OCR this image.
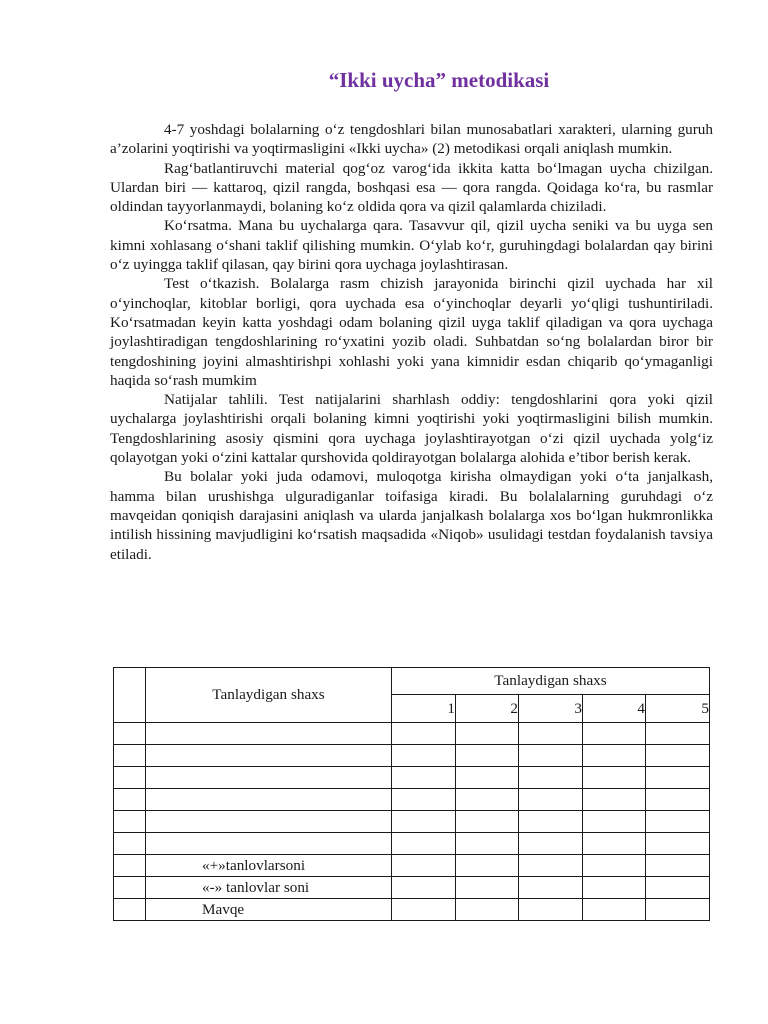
“Ikki uycha” metodikasi

4-7 yoshdagi bolalarning o‘z tengdoshlari bilan munosabatlari xarakteri, ularning guruh a’zolarini yoqtirishi va yoqtirmasligini «Ikki uycha» (2) metodikasi orqali aniqlash mumkin.

Rag‘batlantiruvchi material qog‘oz varog‘ida ikkita katta bo‘lmagan uycha chizilgan. Ulardan biri — kattaroq, qizil rangda, boshqasi esa — qora rangda. Qoidaga ko‘ra, bu rasmlar oldindan tayyorlanmaydi, bolaning ko‘z oldida qora va qizil qalamlarda chiziladi.

Ko‘rsatma. Mana bu uychalarga qara. Tasavvur qil, qizil uycha seniki va bu uyga sen kimni xohlasang o‘shani taklif qilishing mumkin. O‘ylab ko‘r, guruhingdagi bolalardan qay birini o‘z uyingga taklif qilasan, qay birini qora uychaga joylashtirasan.

Test o‘tkazish. Bolalarga rasm chizish jarayonida birinchi qizil uychada har xil o‘yinchoqlar, kitoblar borligi, qora uychada esa o‘yinchoqlar deyarli yo‘qligi tushuntiriladi. Ko‘rsatmadan keyin katta yoshdagi odam bolaning qizil uyga taklif qiladigan va qora uychaga joylashtiradigan tengdoshlarining ro‘yxatini yozib oladi. Suhbatdan so‘ng bolalardan biror bir tengdoshining joyini almashtirishpi xohlashi yoki yana kimnidir esdan chiqarib qo‘ymaganligi haqida so‘rash mumkim

Natijalar tahlili. Test natijalarini sharhlash oddiy: tengdoshlarini qora yoki qizil uychalarga joylashtirishi orqali bolaning kimni yoqtirishi yoki yoqtirmasligini bilish mumkin. Tengdoshlarining asosiy qismini qora uychaga joylashtirayotgan o‘zi qizil uychada yolg‘iz qolayotgan yoki o‘zini kattalar qurshovida qoldirayotgan bolalarga alohida e’tibor berish kerak.

Bu bolalar yoki juda odamovi, muloqotga kirisha olmaydigan yoki o‘ta janjalkash, hamma bilan urushishga ulguradiganlar toifasiga kiradi. Bu bolalalarning guruhdagi o‘z mavqeidan qoniqish darajasini aniqlash va ularda janjalkash bolalarga xos bo‘lgan hukmronlikka intilish hissining mavjudligini ko‘rsatish maqsadida «Niqob» usulidagi testdan foydalanish tavsiya etiladi.

	Tanlaydigan shaxs	Tanlaydigan shaxs				
		1	2	3	4	5

	«+»tanlovlarsoni					
	«-» tanlovlar soni					
	Mavqe					
